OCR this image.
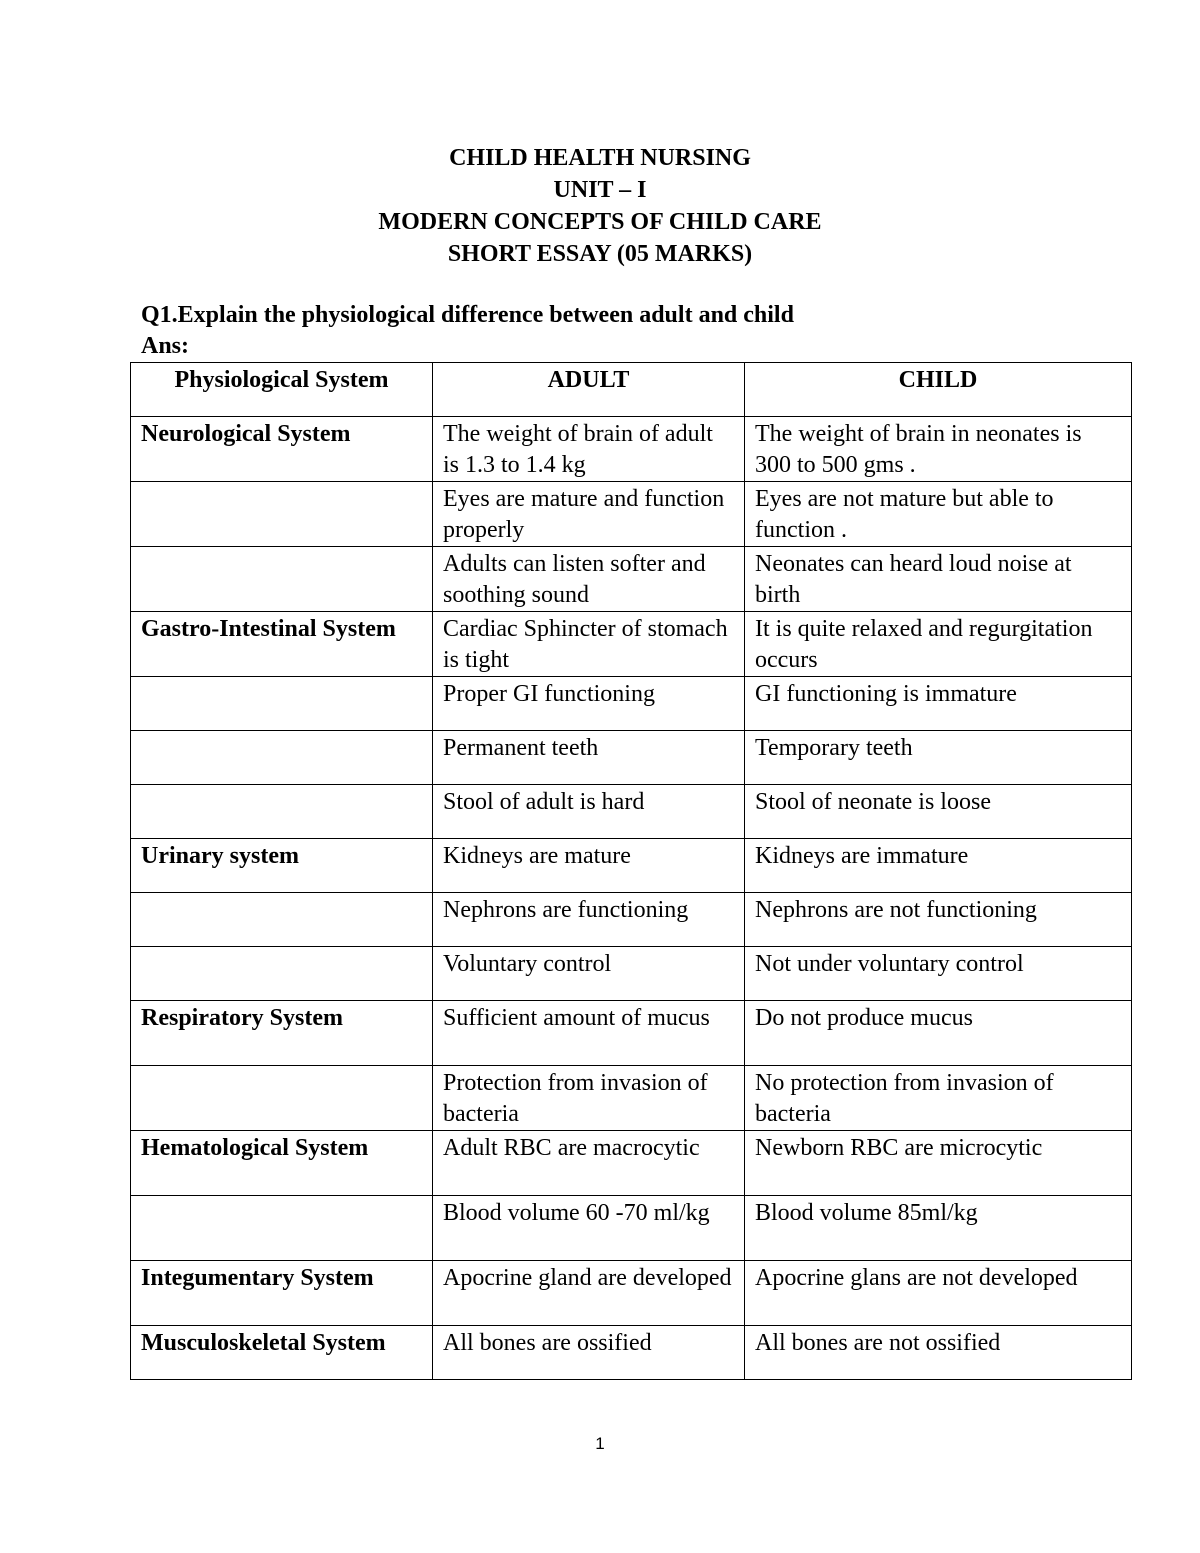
CHILD HEALTH NURSING
UNIT – I
MODERN CONCEPTS OF CHILD CARE
SHORT ESSAY (05 MARKS)
Q1.Explain the physiological difference between adult and child
Ans:
Physiological System	ADULT	CHILD
Neurological System	The weight of brain of adult is 1.3 to 1.4 kg	The weight of brain in neonates is 300 to 500 gms .
	Eyes are mature and function properly	Eyes are not mature but able to function .
	Adults can listen softer and soothing sound	Neonates can heard loud noise at birth
Gastro-Intestinal System	Cardiac Sphincter of stomach is tight	It is quite relaxed and regurgitation occurs
	Proper GI functioning	GI functioning is immature
	Permanent teeth	Temporary teeth
	Stool of adult is hard	Stool of neonate is loose
Urinary system	Kidneys are mature	Kidneys are immature
	Nephrons are functioning	Nephrons are not functioning
	Voluntary control	Not under voluntary control
Respiratory System	Sufficient amount of mucus	Do not produce mucus
	Protection from invasion of bacteria	No protection from invasion of bacteria
Hematological System	Adult RBC are macrocytic	Newborn RBC are microcytic
	Blood volume 60 -70 ml/kg	Blood volume 85ml/kg
Integumentary System	Apocrine gland are developed	Apocrine glans are not developed
Musculoskeletal System	All bones are ossified	All bones are not ossified
1
